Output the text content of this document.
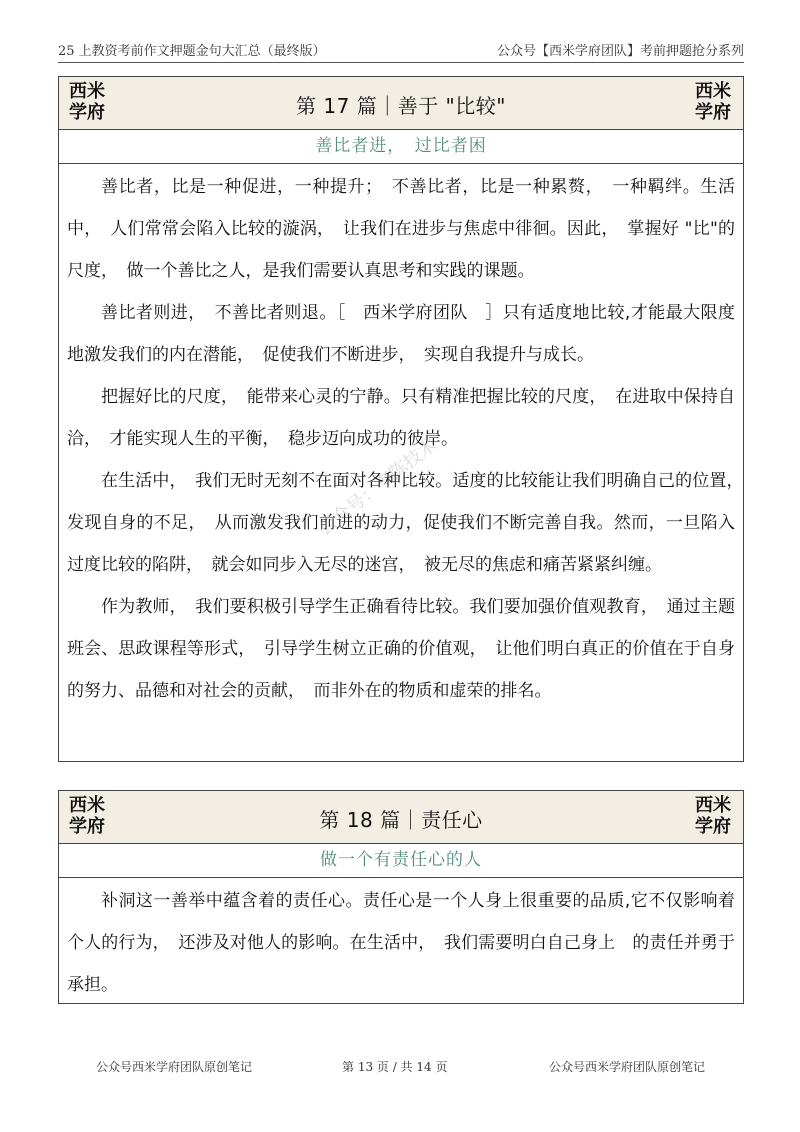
25 上教资考前作文押题金句大汇总（最终版）	公众号【西米学府团队】考前押题抢分系列
西米
学府	第 17 篇｜善于 "比较"
西米
学府
善比者进，　过比者困

善比者，比是一种促进，一种提升；　不善比者，比是一种累赘，　一种羁绊。生活中，　人们常常会陷入比较的漩涡，　让我们在进步与焦虑中徘徊。因此，　掌握好 "比"的尺度，　做一个善比之人，是我们需要认真思考和实践的课题。

善比者则进，　不善比者则退。［　西米学府团队　］只有适度地比较,才能最大限度地激发我们的内在潜能，　促使我们不断进步，　实现自我提升与成长。

把握好比的尺度，　能带来心灵的宁静。只有精准把握比较的尺度，　在进取中保持自洽，　才能实现人生的平衡，　稳步迈向成功的彼岸。

在生活中，　我们无时无刻不在面对各种比较。适度的比较能让我们明确自己的位置，　发现自身的不足，　从而激发我们前进的动力，促使我们不断完善自我。然而，一旦陷入过度比较的陷阱，　就会如同步入无尽的迷宫，　被无尽的焦虑和痛苦紧紧纠缠。

作为教师，　我们要积极引导学生正确看待比较。我们要加强价值观教育，　通过主题班会、思政课程等形式，　引导学生树立正确的价值观，　让他们明白真正的价值在于自身的努力、品德和对社会的贡献，　而非外在的物质和虚荣的排名。

西米
学府	第 18 篇｜责任心
西米
学府
做一个有责任心的人

补洞这一善举中蕴含着的责任心。责任心是一个人身上很重要的品质,它不仅影响着个人的行为，　还涉及对他人的影响。在生活中，　我们需要明白自己身上　的责任并勇于承担。

公众号：李陈技术
公众号西米学府团队原创笔记	第 13 页 / 共 14 页	公众号西米学府团队原创笔记
